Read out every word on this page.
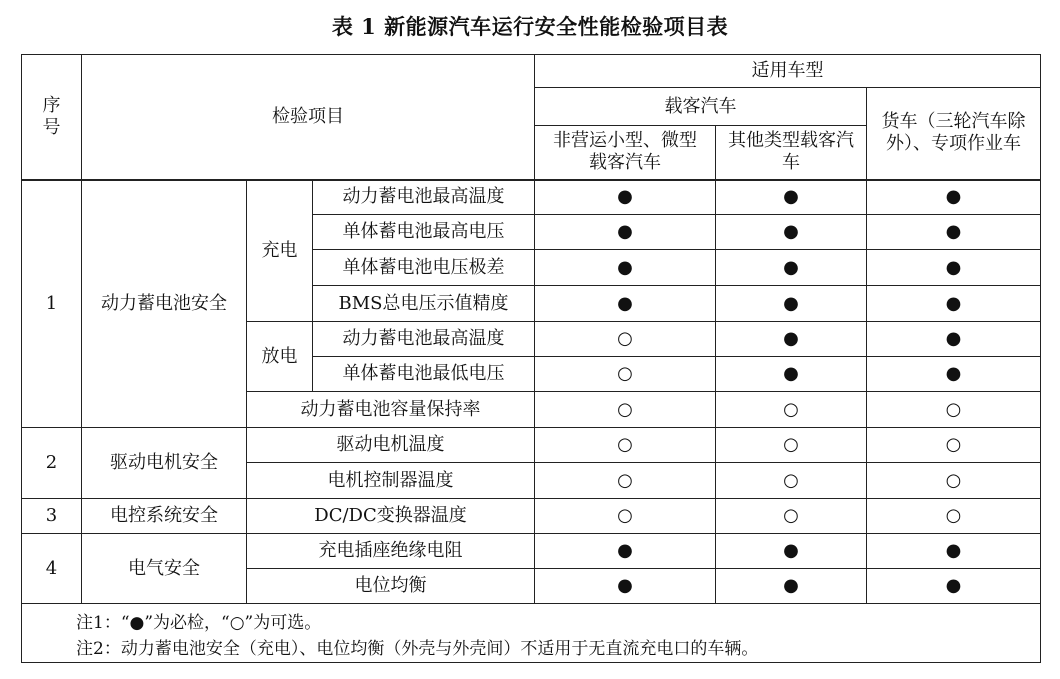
表 1 新能源汽车运行安全性能检验项目表
序号	检验项目			适用车型		
				载客汽车		货车（三轮汽车除外）、专项作业车
				非营运小型、微型载客汽车	其他类型载客汽车	
1	动力蓄电池安全	充电	动力蓄电池最高温度	●	●	●
			单体蓄电池最高电压	●	●	●
			单体蓄电池电压极差	●	●	●
			BMS总电压示值精度	●	●	●
		放电	动力蓄电池最高温度	○	●	●
			单体蓄电池最低电压	○	●	●
		动力蓄电池容量保持率		○	○	○
2	驱动电机安全	驱动电机温度		○	○	○
		电机控制器温度		○	○	○
3	电控系统安全	DC/DC变换器温度		○	○	○
4	电气安全	充电插座绝缘电阻		●	●	●
		电位均衡		●	●	●

注1：“●”为必检，“○”为可选。
注2：动力蓄电池安全（充电）、电位均衡（外壳与外壳间）不适用于无直流充电口的车辆。						
